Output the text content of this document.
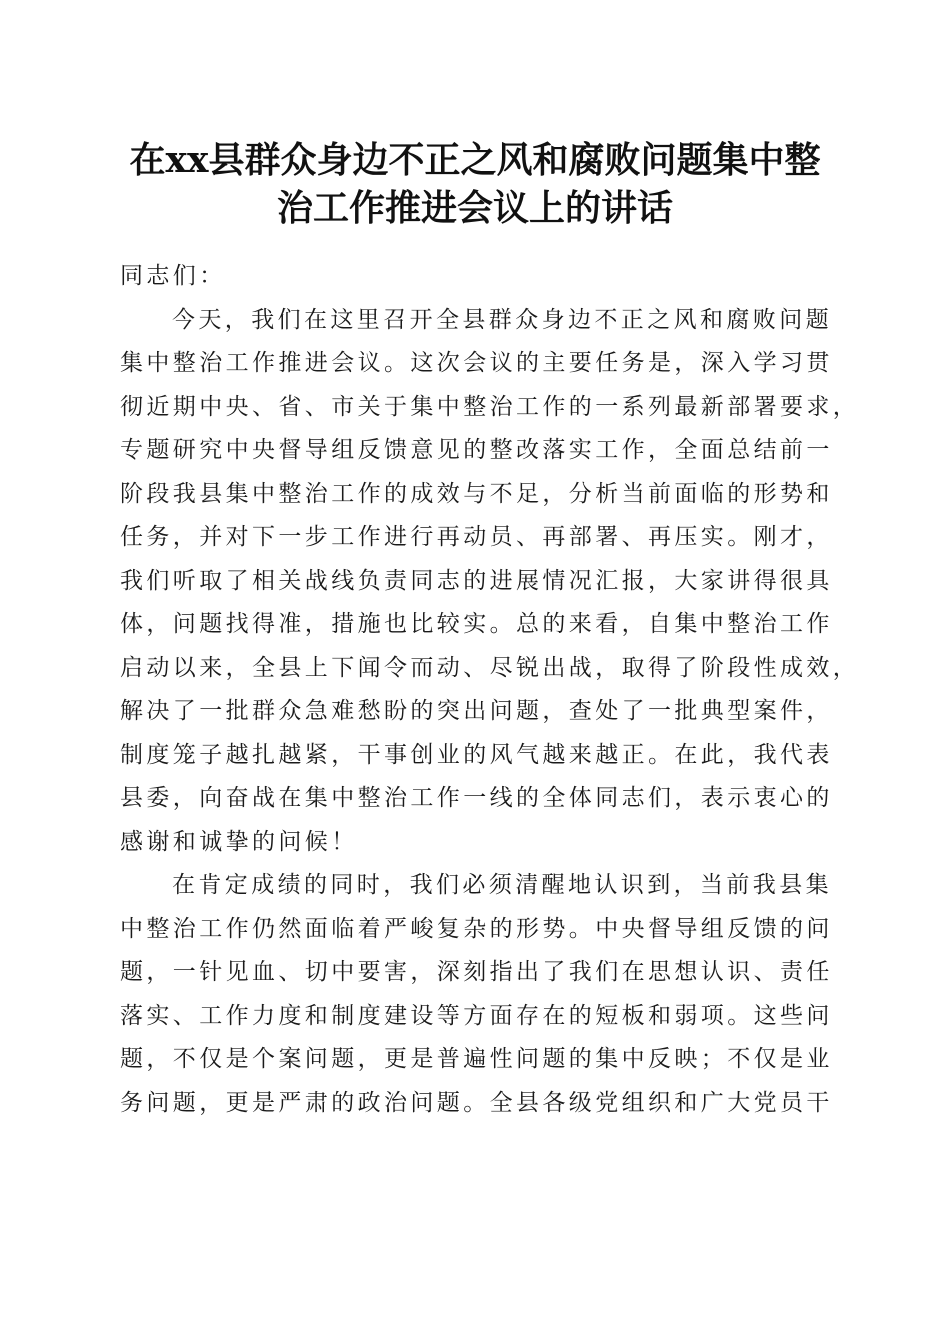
在xx县群众身边不正之风和腐败问题集中整
治工作推进会议上的讲话
同志们：
今天，我们在这里召开全县群众身边不正之风和腐败问题
集中整治工作推进会议。这次会议的主要任务是，深入学习贯
彻近期中央、省、市关于集中整治工作的一系列最新部署要求，
专题研究中央督导组反馈意见的整改落实工作，全面总结前一
阶段我县集中整治工作的成效与不足，分析当前面临的形势和
任务，并对下一步工作进行再动员、再部署、再压实。刚才，
我们听取了相关战线负责同志的进展情况汇报，大家讲得很具
体，问题找得准，措施也比较实。总的来看，自集中整治工作
启动以来，全县上下闻令而动、尽锐出战，取得了阶段性成效，
解决了一批群众急难愁盼的突出问题，查处了一批典型案件，
制度笼子越扎越紧，干事创业的风气越来越正。在此，我代表
县委，向奋战在集中整治工作一线的全体同志们，表示衷心的
感谢和诚挚的问候！
在肯定成绩的同时，我们必须清醒地认识到，当前我县集
中整治工作仍然面临着严峻复杂的形势。中央督导组反馈的问
题，一针见血、切中要害，深刻指出了我们在思想认识、责任
落实、工作力度和制度建设等方面存在的短板和弱项。这些问
题，不仅是个案问题，更是普遍性问题的集中反映；不仅是业
务问题，更是严肃的政治问题。全县各级党组织和广大党员干
